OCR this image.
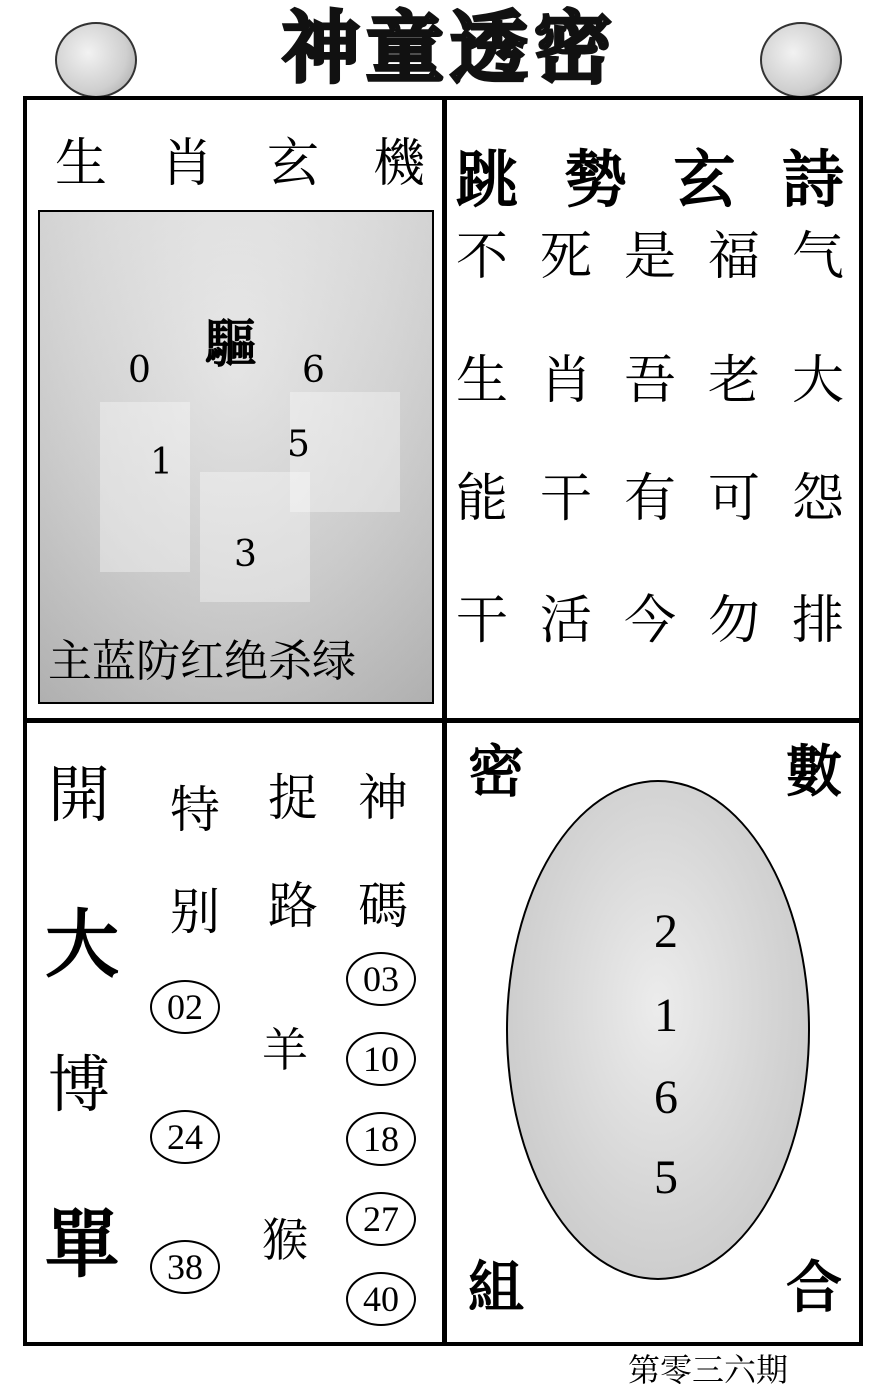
神童透密
生 肖 玄 機
驅
0	6
1	5
3
主蓝防红绝杀绿
跳 勢 玄 詩
不 死 是 福 气
生 肖 吾 老 大
能 干 有 可 怨
干 活 今 勿 排
開
大
博
單
特
别
捉
路
神
碼
02
24
38
羊
猴
03
10
18
27
40
密	數
組	合
2
1
6
5
第零三六期
